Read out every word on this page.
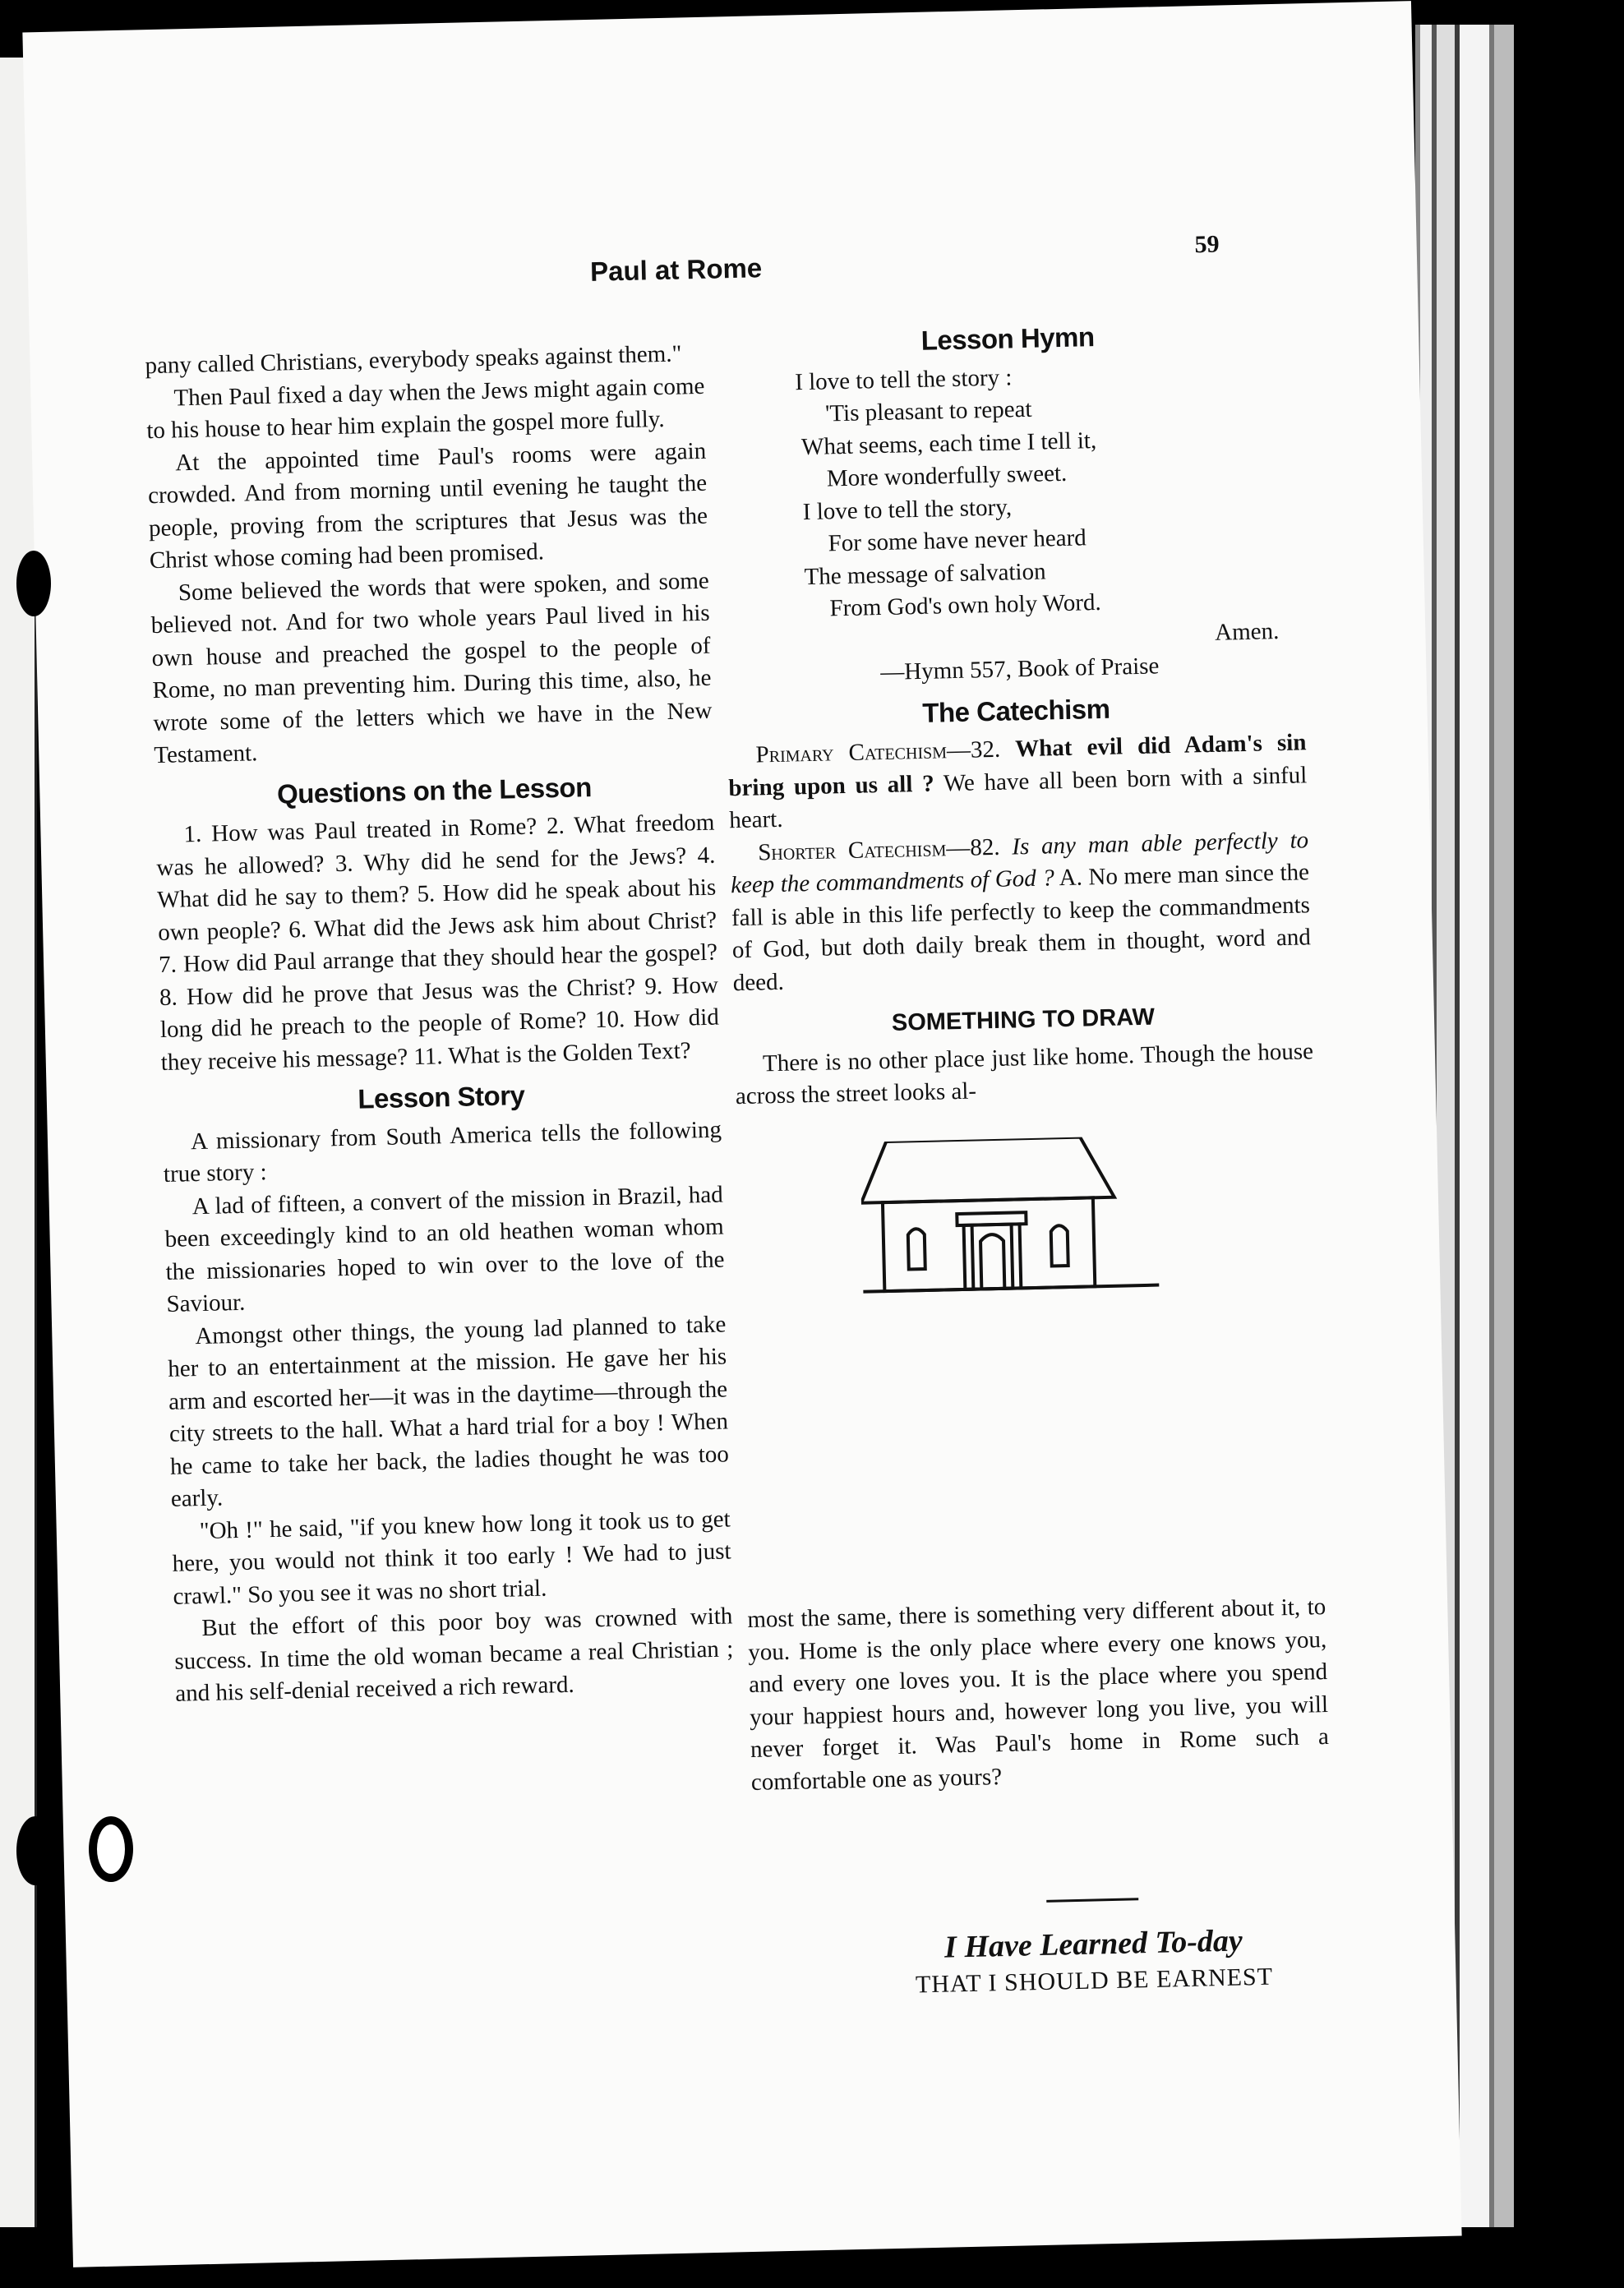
Paul at Rome
59

pany called Christians, everybody speaks against them."

Then Paul fixed a day when the Jews might again come to his house to hear him explain the gospel more fully.

At the appointed time Paul's rooms were again crowded. And from morning until evening he taught the people, proving from the scriptures that Jesus was the Christ whose coming had been promised.

Some believed the words that were spoken, and some believed not. And for two whole years Paul lived in his own house and preached the gospel to the people of Rome, no man preventing him. During this time, also, he wrote some of the letters which we have in the New Testament.

Questions on the Lesson

1. How was Paul treated in Rome? 2. What freedom was he allowed? 3. Why did he send for the Jews? 4. What did he say to them? 5. How did he speak about his own people? 6. What did the Jews ask him about Christ? 7. How did Paul arrange that they should hear the gospel? 8. How did he prove that Jesus was the Christ? 9. How long did he preach to the people of Rome? 10. How did they receive his message? 11. What is the Golden Text?

Lesson Story

A missionary from South America tells the following true story :

A lad of fifteen, a convert of the mission in Brazil, had been exceedingly kind to an old heathen woman whom the missionaries hoped to win over to the love of the Saviour.

Amongst other things, the young lad planned to take her to an entertainment at the mission. He gave her his arm and escorted her—it was in the daytime—through the city streets to the hall. What a hard trial for a boy ! When he came to take her back, the ladies thought he was too early.

"Oh !" he said, "if you knew how long it took us to get here, you would not think it too early ! We had to just crawl." So you see it was no short trial.

But the effort of this poor boy was crowned with success. In time the old woman became a real Christian ; and his self-denial received a rich reward.

Lesson Hymn
I love to tell the story :
'Tis pleasant to repeat
What seems, each time I tell it,
More wonderfully sweet.
I love to tell the story,
For some have never heard
The message of salvation
From God's own holy Word.
Amen.
—Hymn 557, Book of Praise
The Catechism

Primary Catechism—32. What evil did Adam's sin bring upon us all ? We have all been born with a sinful heart.

Shorter Catechism—82. Is any man able perfectly to keep the commandments of God ? A. No mere man since the fall is able in this life perfectly to keep the commandments of God, but doth daily break them in thought, word and deed.

SOMETHING TO DRAW

There is no other place just like home. Though the house across the street looks al-

most the same, there is something very different about it, to you. Home is the only place where every one knows you, and every one loves you. It is the place where you spend your happiest hours and, however long you live, you will never forget it. Was Paul's home in Rome such a comfortable one as yours?

I Have Learned To-day
THAT I SHOULD BE EARNEST
